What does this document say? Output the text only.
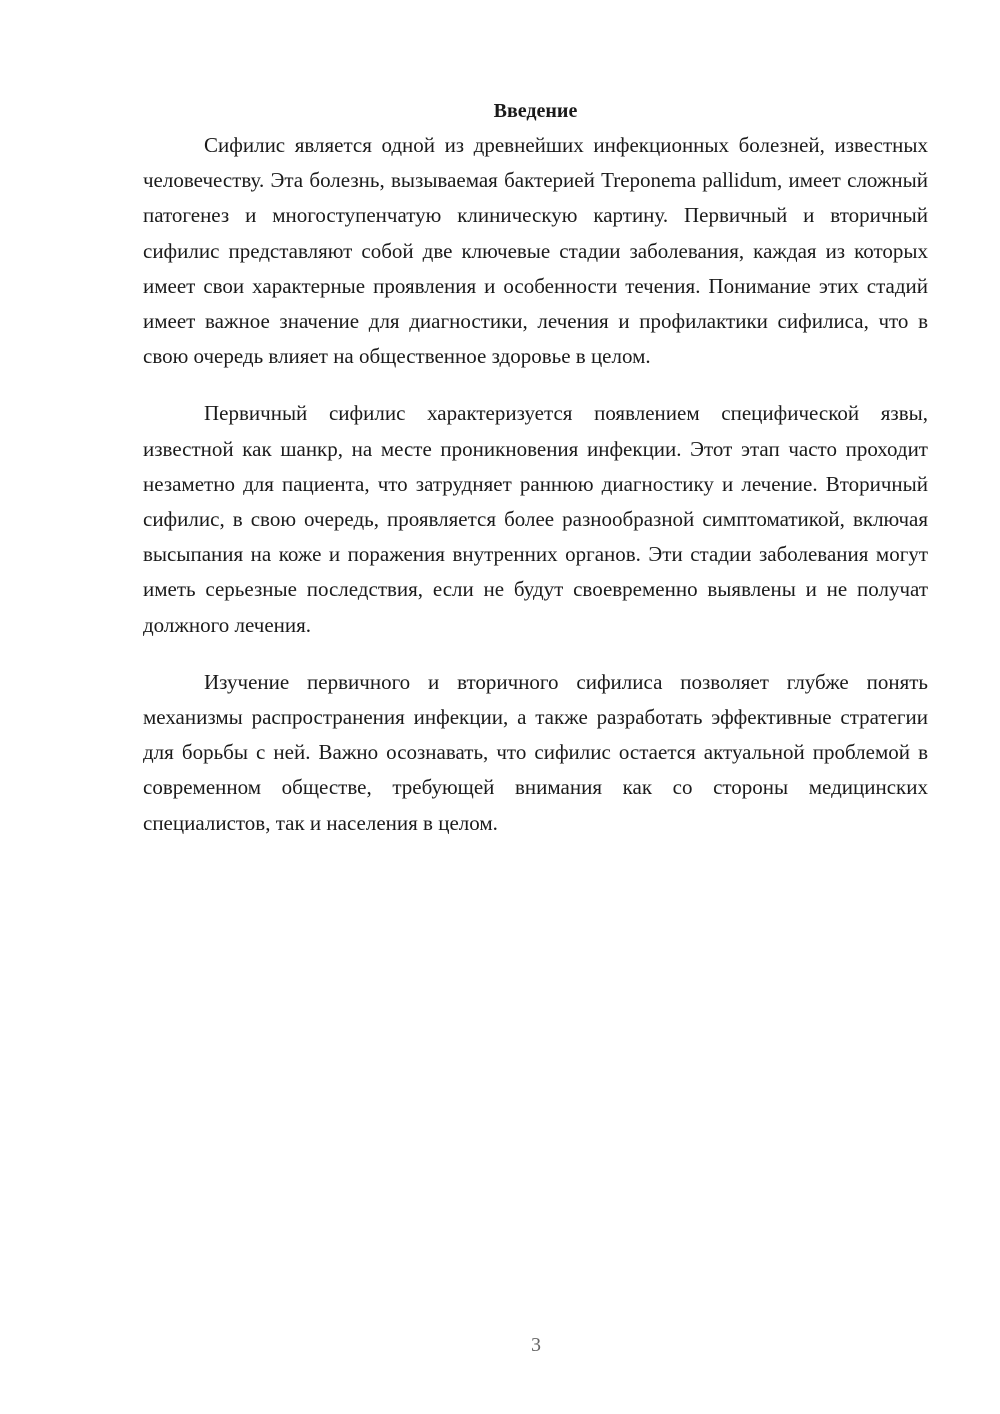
Введение

Сифилис является одной из древнейших инфекционных болезней, известных человечеству. Эта болезнь, вызываемая бактерией Treponema pallidum, имеет сложный патогенез и многоступенчатую клиническую картину. Первичный и вторичный сифилис представляют собой две ключевые стадии заболевания, каждая из которых имеет свои характерные проявления и особенности течения. Понимание этих стадий имеет важное значение для диагностики, лечения и профилактики сифилиса, что в свою очередь влияет на общественное здоровье в целом.

Первичный сифилис характеризуется появлением специфической язвы, известной как шанкр, на месте проникновения инфекции. Этот этап часто проходит незаметно для пациента, что затрудняет раннюю диагностику и лечение. Вторичный сифилис, в свою очередь, проявляется более разнообразной симптоматикой, включая высыпания на коже и поражения внутренних органов. Эти стадии заболевания могут иметь серьезные последствия, если не будут своевременно выявлены и не получат должного лечения.

Изучение первичного и вторичного сифилиса позволяет глубже понять механизмы распространения инфекции, а также разработать эффективные стратегии для борьбы с ней. Важно осознавать, что сифилис остается актуальной проблемой в современном обществе, требующей внимания как со стороны медицинских специалистов, так и населения в целом.

3
